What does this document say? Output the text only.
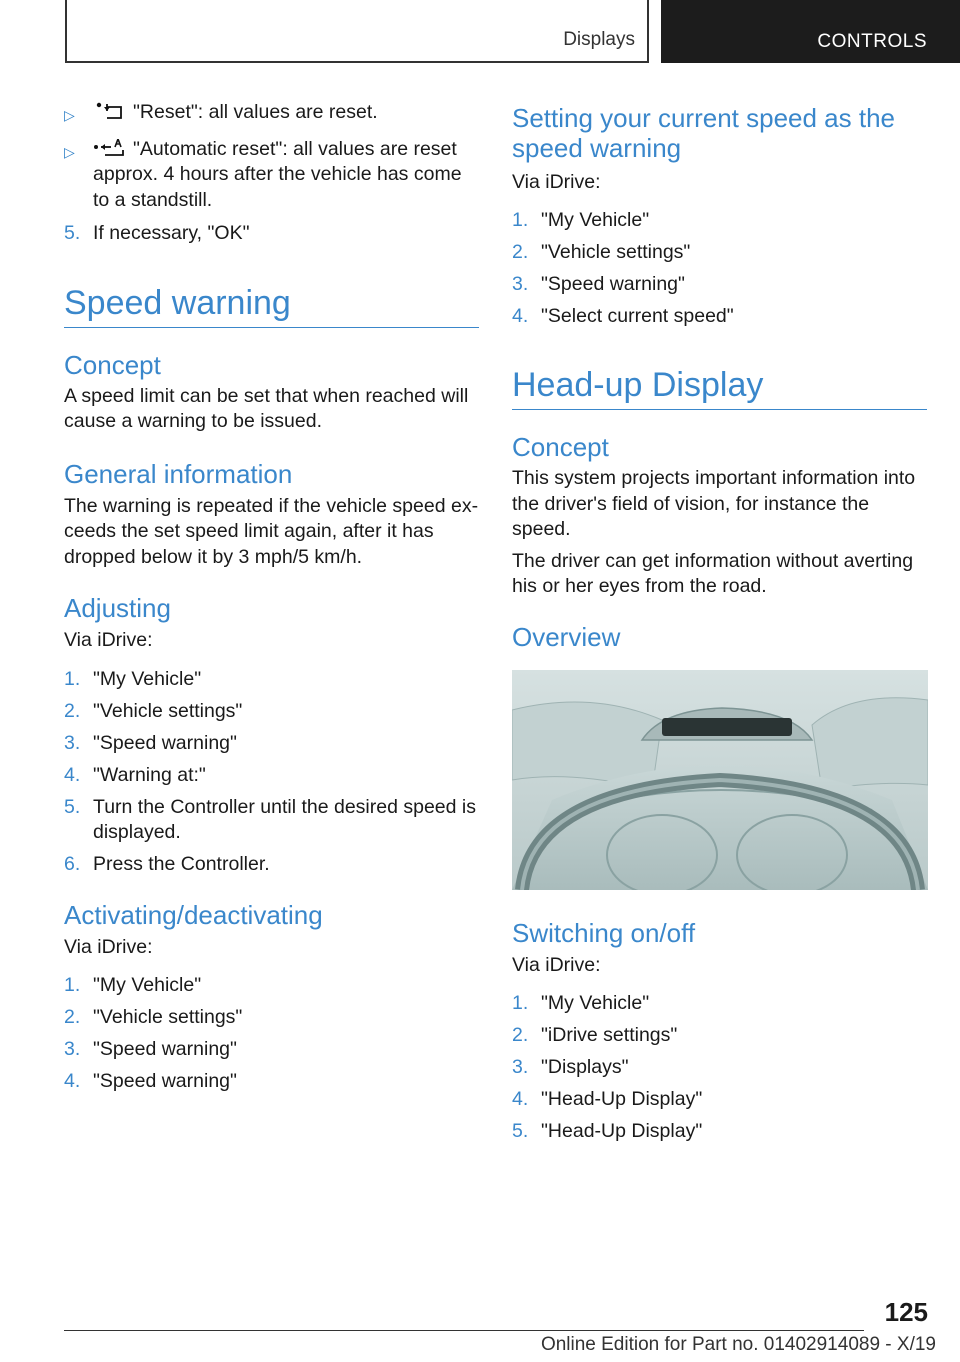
Displays	CONTROLS
▷	"Reset": all values are reset.
▷	"Automatic reset": all values are reset approx. 4 hours after the vehicle has come to a standstill.
5. If necessary, "OK"
Speed warning
Concept

A speed limit can be set that when reached will cause a warning to be issued.

General information

The warning is repeated if the vehicle speed exceeds the set speed limit again, after it has dropped below it by 3 mph/5 km/h.

Adjusting

Via iDrive:

1. "My Vehicle"
2. "Vehicle settings"
3. "Speed warning"
4. "Warning at:"
5. Turn the Controller until the desired speed is displayed.
6. Press the Controller.
Activating/deactivating

Via iDrive:

1. "My Vehicle"
2. "Vehicle settings"
3. "Speed warning"
4. "Speed warning"
Setting your current speed as the speed warning

Via iDrive:

1. "My Vehicle"
2. "Vehicle settings"
3. "Speed warning"
4. "Select current speed"
Head-up Display
Concept

This system projects important information into the driver's field of vision, for instance the speed.

The driver can get information without averting his or her eyes from the road.

Overview
Switching on/off

Via iDrive:

1. "My Vehicle"
2. "iDrive settings"
3. "Displays"
4. "Head-Up Display"
5. "Head-Up Display"
125
Online Edition for Part no. 01402914089 - X/19
